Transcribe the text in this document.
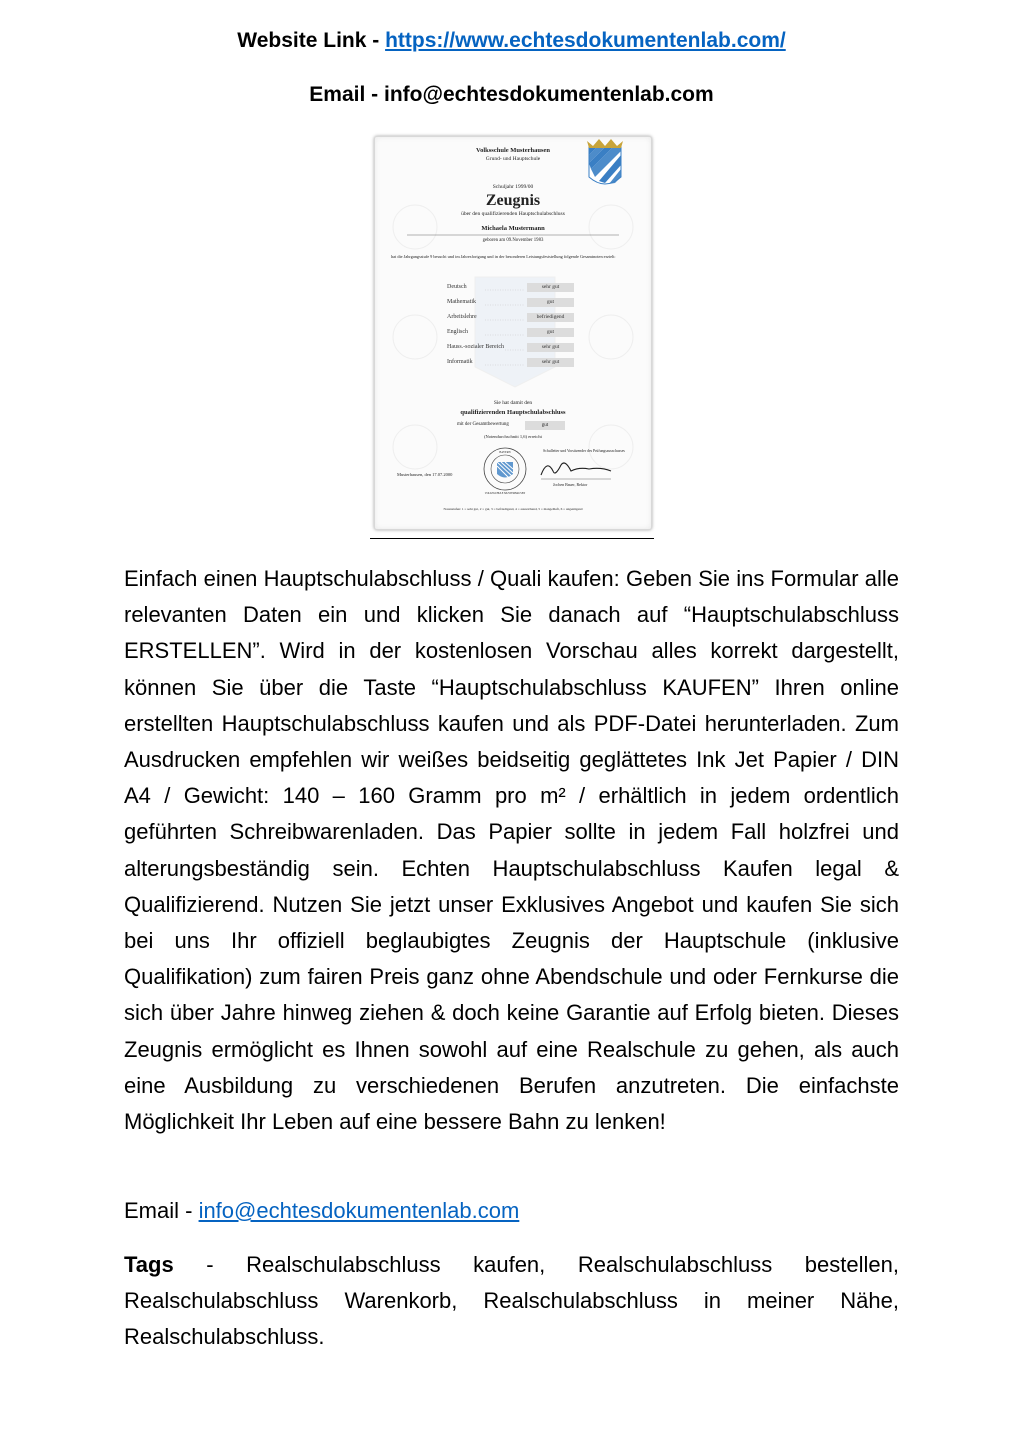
Website Link - https://www.echtesdokumentenlab.com/
Email - info@echtesdokumentenlab.com
Volksschule Musterhausen
Grund- und Hauptschule
Schuljahr 1999/00
Zeugnis
über den qualifizierenden Hauptschulabschluss
Michaela Mustermann
geboren am 09.November 1983
hat die Jahrgangsstufe 9 besucht und im Jahresfortgang und in der besonderen Leistungsfeststellung folgende Gesamtnoten erzielt:
Deutsch	sehr gut
Mathematik	gut
Arbeitslehre	befriedigend
Englisch	gut
Hauss.-sozialer Bereich	sehr gut
Informatik	sehr gut
Sie hat damit den
qualifizierenden Hauptschulabschluss
mit der Gesamtbewertung	gut
(Notendurchschnitt 1,6) erreicht
Schulleiter und Vorsitzender des Prüfungsausschusses
Musterhausen, den 17.07.2000
Jochen Bauer, Rektor
Notenstufen: 1 = sehr gut, 2 = gut, 3 = befriedigend, 4 = ausreichend, 5 = mangelhaft, 6 = ungenügend
BAYERN
VOLKSSCHULE MUSTERHAUSEN

Einfach einen Hauptschulabschluss / Quali kaufen: Geben Sie ins Formular alle relevanten Daten ein und klicken Sie danach auf “Hauptschulabschluss ERSTELLEN”. Wird in der kostenlosen Vorschau alles korrekt dargestellt, können Sie über die Taste “Hauptschulabschluss KAUFEN” Ihren online erstellten Hauptschulabschluss kaufen und als PDF-Datei herunterladen. Zum Ausdrucken empfehlen wir weißes beidseitig geglättetes Ink Jet Papier / DIN A4 / Gewicht: 140 – 160 Gramm pro m² / erhältlich in jedem ordentlich geführten Schreibwarenladen. Das Papier sollte in jedem Fall holzfrei und alterungsbeständig sein. Echten Hauptschulabschluss Kaufen legal & Qualifizierend. Nutzen Sie jetzt unser Exklusives Angebot und kaufen Sie sich bei uns Ihr offiziell beglaubigtes Zeugnis der Hauptschule (inklusive Qualifikation) zum fairen Preis ganz ohne Abendschule und oder Fernkurse die sich über Jahre hinweg ziehen & doch keine Garantie auf Erfolg bieten. Dieses Zeugnis ermöglicht es Ihnen sowohl auf eine Realschule zu gehen, als auch eine Ausbildung zu verschiedenen Berufen anzutreten. Die einfachste Möglichkeit Ihr Leben auf eine bessere Bahn zu lenken!

Email - info@echtesdokumentenlab.com
Tags - Realschulabschluss kaufen, Realschulabschluss bestellen, Realschulabschluss Warenkorb, Realschulabschluss in meiner Nähe, Realschulabschluss.
